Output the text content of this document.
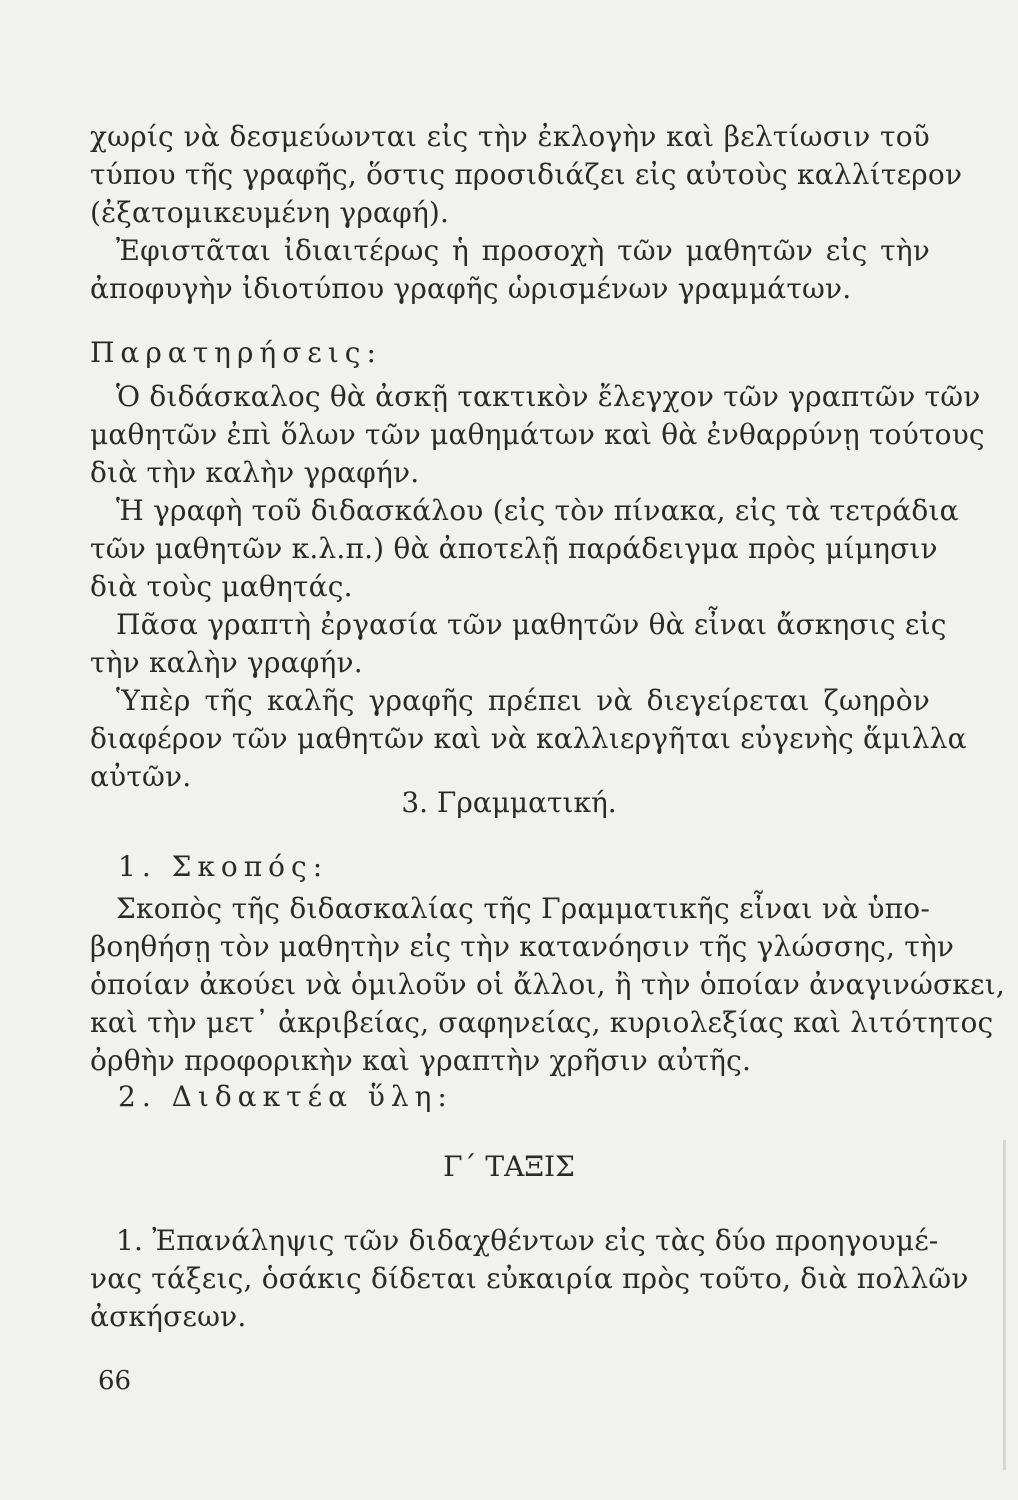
χωρίς νὰ δεσμεύωνται εἰς τὴν ἐκλογὴν καὶ βελτίωσιν τοῦ
τύπου τῆς γραφῆς, ὅστις προσιδιάζει εἰς αὐτοὺς καλλίτερον
(ἐξατομικευμένη γραφή).
Ἐφιστᾶται ἰδιαιτέρως ἡ προσοχὴ τῶν μαθητῶν εἰς τὴν
ἀποφυγὴν ἰδιοτύπου γραφῆς ὡρισμένων γραμμάτων.
Παρατηρήσεις:
Ὁ διδάσκαλος θὰ ἀσκῇ τακτικὸν ἔλεγχον τῶν γραπτῶν τῶν
μαθητῶν ἐπὶ ὅλων τῶν μαθημάτων καὶ θὰ ἐνθαρρύνῃ τούτους
διὰ τὴν καλὴν γραφήν.
Ἡ γραφὴ τοῦ διδασκάλου (εἰς τὸν πίνακα, εἰς τὰ τετράδια
τῶν μαθητῶν κ.λ.π.) θὰ ἀποτελῇ παράδειγμα πρὸς μίμησιν
διὰ τοὺς μαθητάς.
Πᾶσα γραπτὴ ἐργασία τῶν μαθητῶν θὰ εἶναι ἄσκησις εἰς
τὴν καλὴν γραφήν.
Ὑπὲρ τῆς καλῆς γραφῆς πρέπει νὰ διεγείρεται ζωηρὸν
διαφέρον τῶν μαθητῶν καὶ νὰ καλλιεργῆται εὐγενὴς ἅμιλλα
αὐτῶν.
3. Γραμματική.
1. Σκοπός:
Σκοπὸς τῆς διδασκαλίας τῆς Γραμματικῆς εἶναι νὰ ὑπο-
βοηθήσῃ τὸν μαθητὴν εἰς τὴν κατανόησιν τῆς γλώσσης, τὴν
ὁποίαν ἀκούει νὰ ὁμιλοῦν οἱ ἄλλοι, ἢ τὴν ὁποίαν ἀναγινώσκει,
καὶ τὴν μετ᾽ ἀκριβείας, σαφηνείας, κυριολεξίας καὶ λιτότητος
ὀρθὴν προφορικὴν καὶ γραπτὴν χρῆσιν αὐτῆς.
2. Διδακτέα ὕλη:
Γ΄ ΤΑΞΙΣ
1. Ἐπανάληψις τῶν διδαχθέντων εἰς τὰς δύο προηγουμέ-
νας τάξεις, ὁσάκις δίδεται εὐκαιρία πρὸς τοῦτο, διὰ πολλῶν
ἀσκήσεων.
66
